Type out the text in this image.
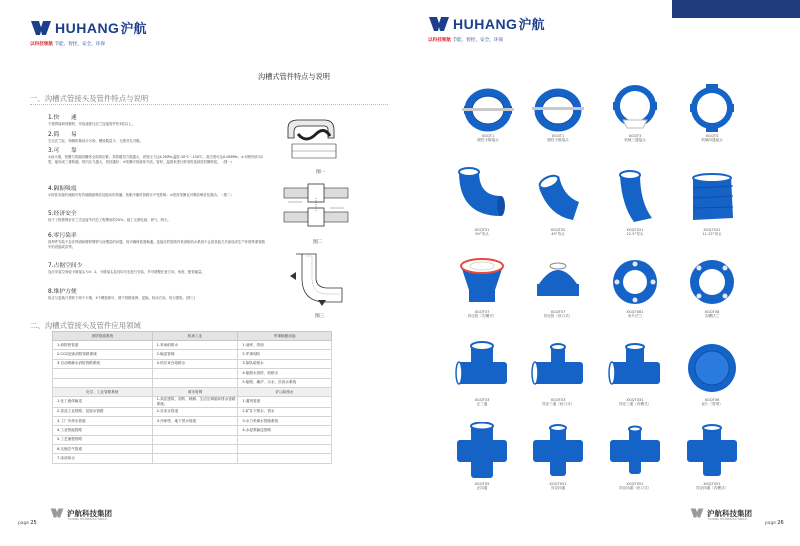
HUHANG 沪航
以科技领航 节能、智控、安全、环保
沟槽式管件特点与说明
一、沟槽式管接头及管件特点与说明
1.快　　速
不需焊接和再镀锌，安装速度比法兰连接管件快3倍以上。
2.简　　易
它比法兰轻，铸紧机械设计巧妙，螺栓数量少，无需对孔对眼。
3.可　　靠
①涂卡箍，垫圈与管端沟槽体全面周压紧，其管端初力很越大，试验压力达4.2MPa,温度-30℃～100℃，真空度可达0.08MPa；②卡圈内部为C型，能形成三重防漏，管内压力越大，密封越好；③垫圈可因流体介质，管材，温度来进行舒适的选择密封圈材质。（图一）
4.隔振吸震
①因管末端有间隙可有效地隔振噪音及振动的传播；热胀冷缩时管路亦不受影响；②密封垫圈也可吸收噪音及震动。（图二）
5.经济安全
低于工程预算价法兰式连接节约总工程费用的20%；施工无需电源、氧气、明火。
6.零污染率
因焊件安装不存在焊渣和镀锌镀锌与涂塑层的问题，故可确保管道畅通。连接后的管路内其消防给水系统不会因其他方式而造成生产环境等重管路中的设施或杂等。
7.占据空间少
连沙安装空间较卡箍接头为3：2。卡箍接头及其均可无进行安装，并可调整任意方向、角度、配管能量。
8.维护方便
拆迁与更换只需松下两个卡箍，4个螺栓即可，便于管路延伸、更换、转动方向。均匀建筑。(图三)
图一
图二
图三
二、沟槽式管接头及管件应用领域
消防管道系统	机场工业	军事船舶用途
1.消防栓管道	1.采场给排水	1.油库、供油
2.CO2泡沫消防管路系统	2.输送管理	2.军事询防
3.自动喷淋水消防管路系统	3.钻井来台给排水	3.原队给排水
		4.船舶水消防、给排水
		5.船舶、潮汐、污水、饮用水系统
化学、工业管路系统	城市管网	矿山给排水
1.化工液体输送	1.高层建筑、消防、喷淋、生活空调循环排水管路系统。	1.通风管道
2.食品工业管路、及展水管路	2.自来水管道	2.矿井下排水、供水
3.工厂冷却水管道	3.冷却塔、地下供水管道	3.水力采煤水管路系统
4.工业热能管路		4.水泥浆输送管路
5.工艺流程管路		
6.压缩空气管道		
7.冻油用水		
沪航科技集团
HUHANG TECHNOLOGY GROUP
page 25
HUHANG 沪航
以科技领航 节能、智控、安全、环保
XGQT1
刚性卡箍接头
XGQT1
刚性卡箍接头
XGQT3
机械三通接头
XGQT4
机械四通接头
XGQT01
90°弯头
XGQT02
45°弯头
XGQT021
22.5°弯头
XGQT022
11.25°弯头
XGQT07
异径管（沟槽式）
XGQT07
异径管（丝口式）
XGQT081
单片法兰
XGQT08
沟槽法兰
XGQT03
正三通
XGQT03
异径三通（丝口式）
XGQT031
异径三通（沟槽式）
XGQT06
盲片（管堵）
XGQT05
正四通
XGQT051
异径四通
XGQT051
异径四通（丝口式）
XGQT051
异径四通（沟槽式）
沪航科技集团
HUHANG TECHNOLOGY GROUP
page 26
